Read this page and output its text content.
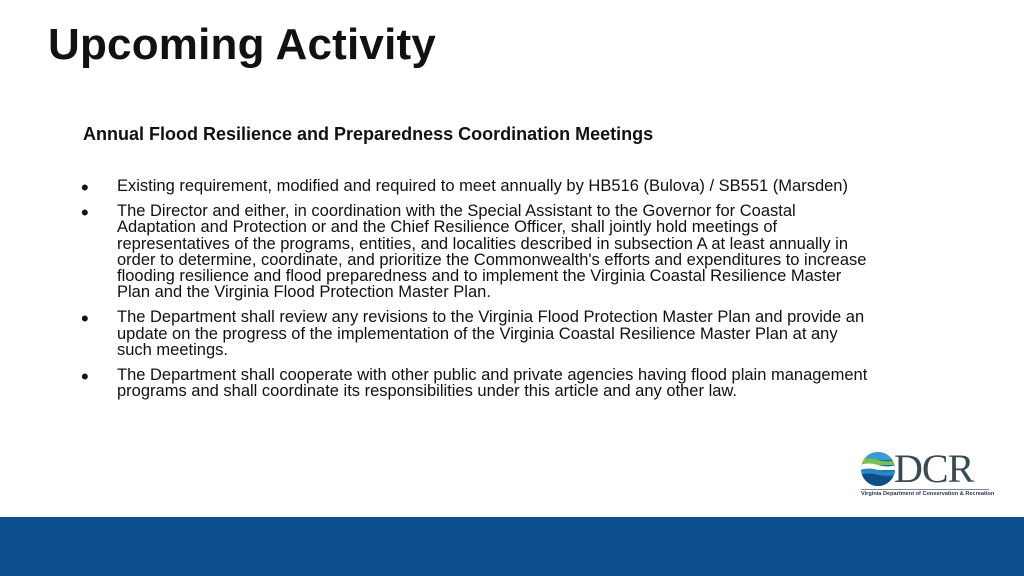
Upcoming Activity
Annual Flood Resilience and Preparedness Coordination Meetings
• Existing requirement, modified and required to meet annually by HB516 (Bulova) / SB551 (Marsden)
• The Director and either, in coordination with the Special Assistant to the Governor for Coastal Adaptation and Protection or and the Chief Resilience Officer, shall jointly hold meetings of representatives of the programs, entities, and localities described in subsection A at least annually in order to determine, coordinate, and prioritize the Commonwealth's efforts and expenditures to increase flooding resilience and flood preparedness and to implement the Virginia Coastal Resilience Master Plan and the Virginia Flood Protection Master Plan.
• The Department shall review any revisions to the Virginia Flood Protection Master Plan and provide an update on the progress of the implementation of the Virginia Coastal Resilience Master Plan at any such meetings.
• The Department shall cooperate with other public and private agencies having flood plain management programs and shall coordinate its responsibilities under this article and any other law.
DCR
Virginia Department of Conservation & Recreation
